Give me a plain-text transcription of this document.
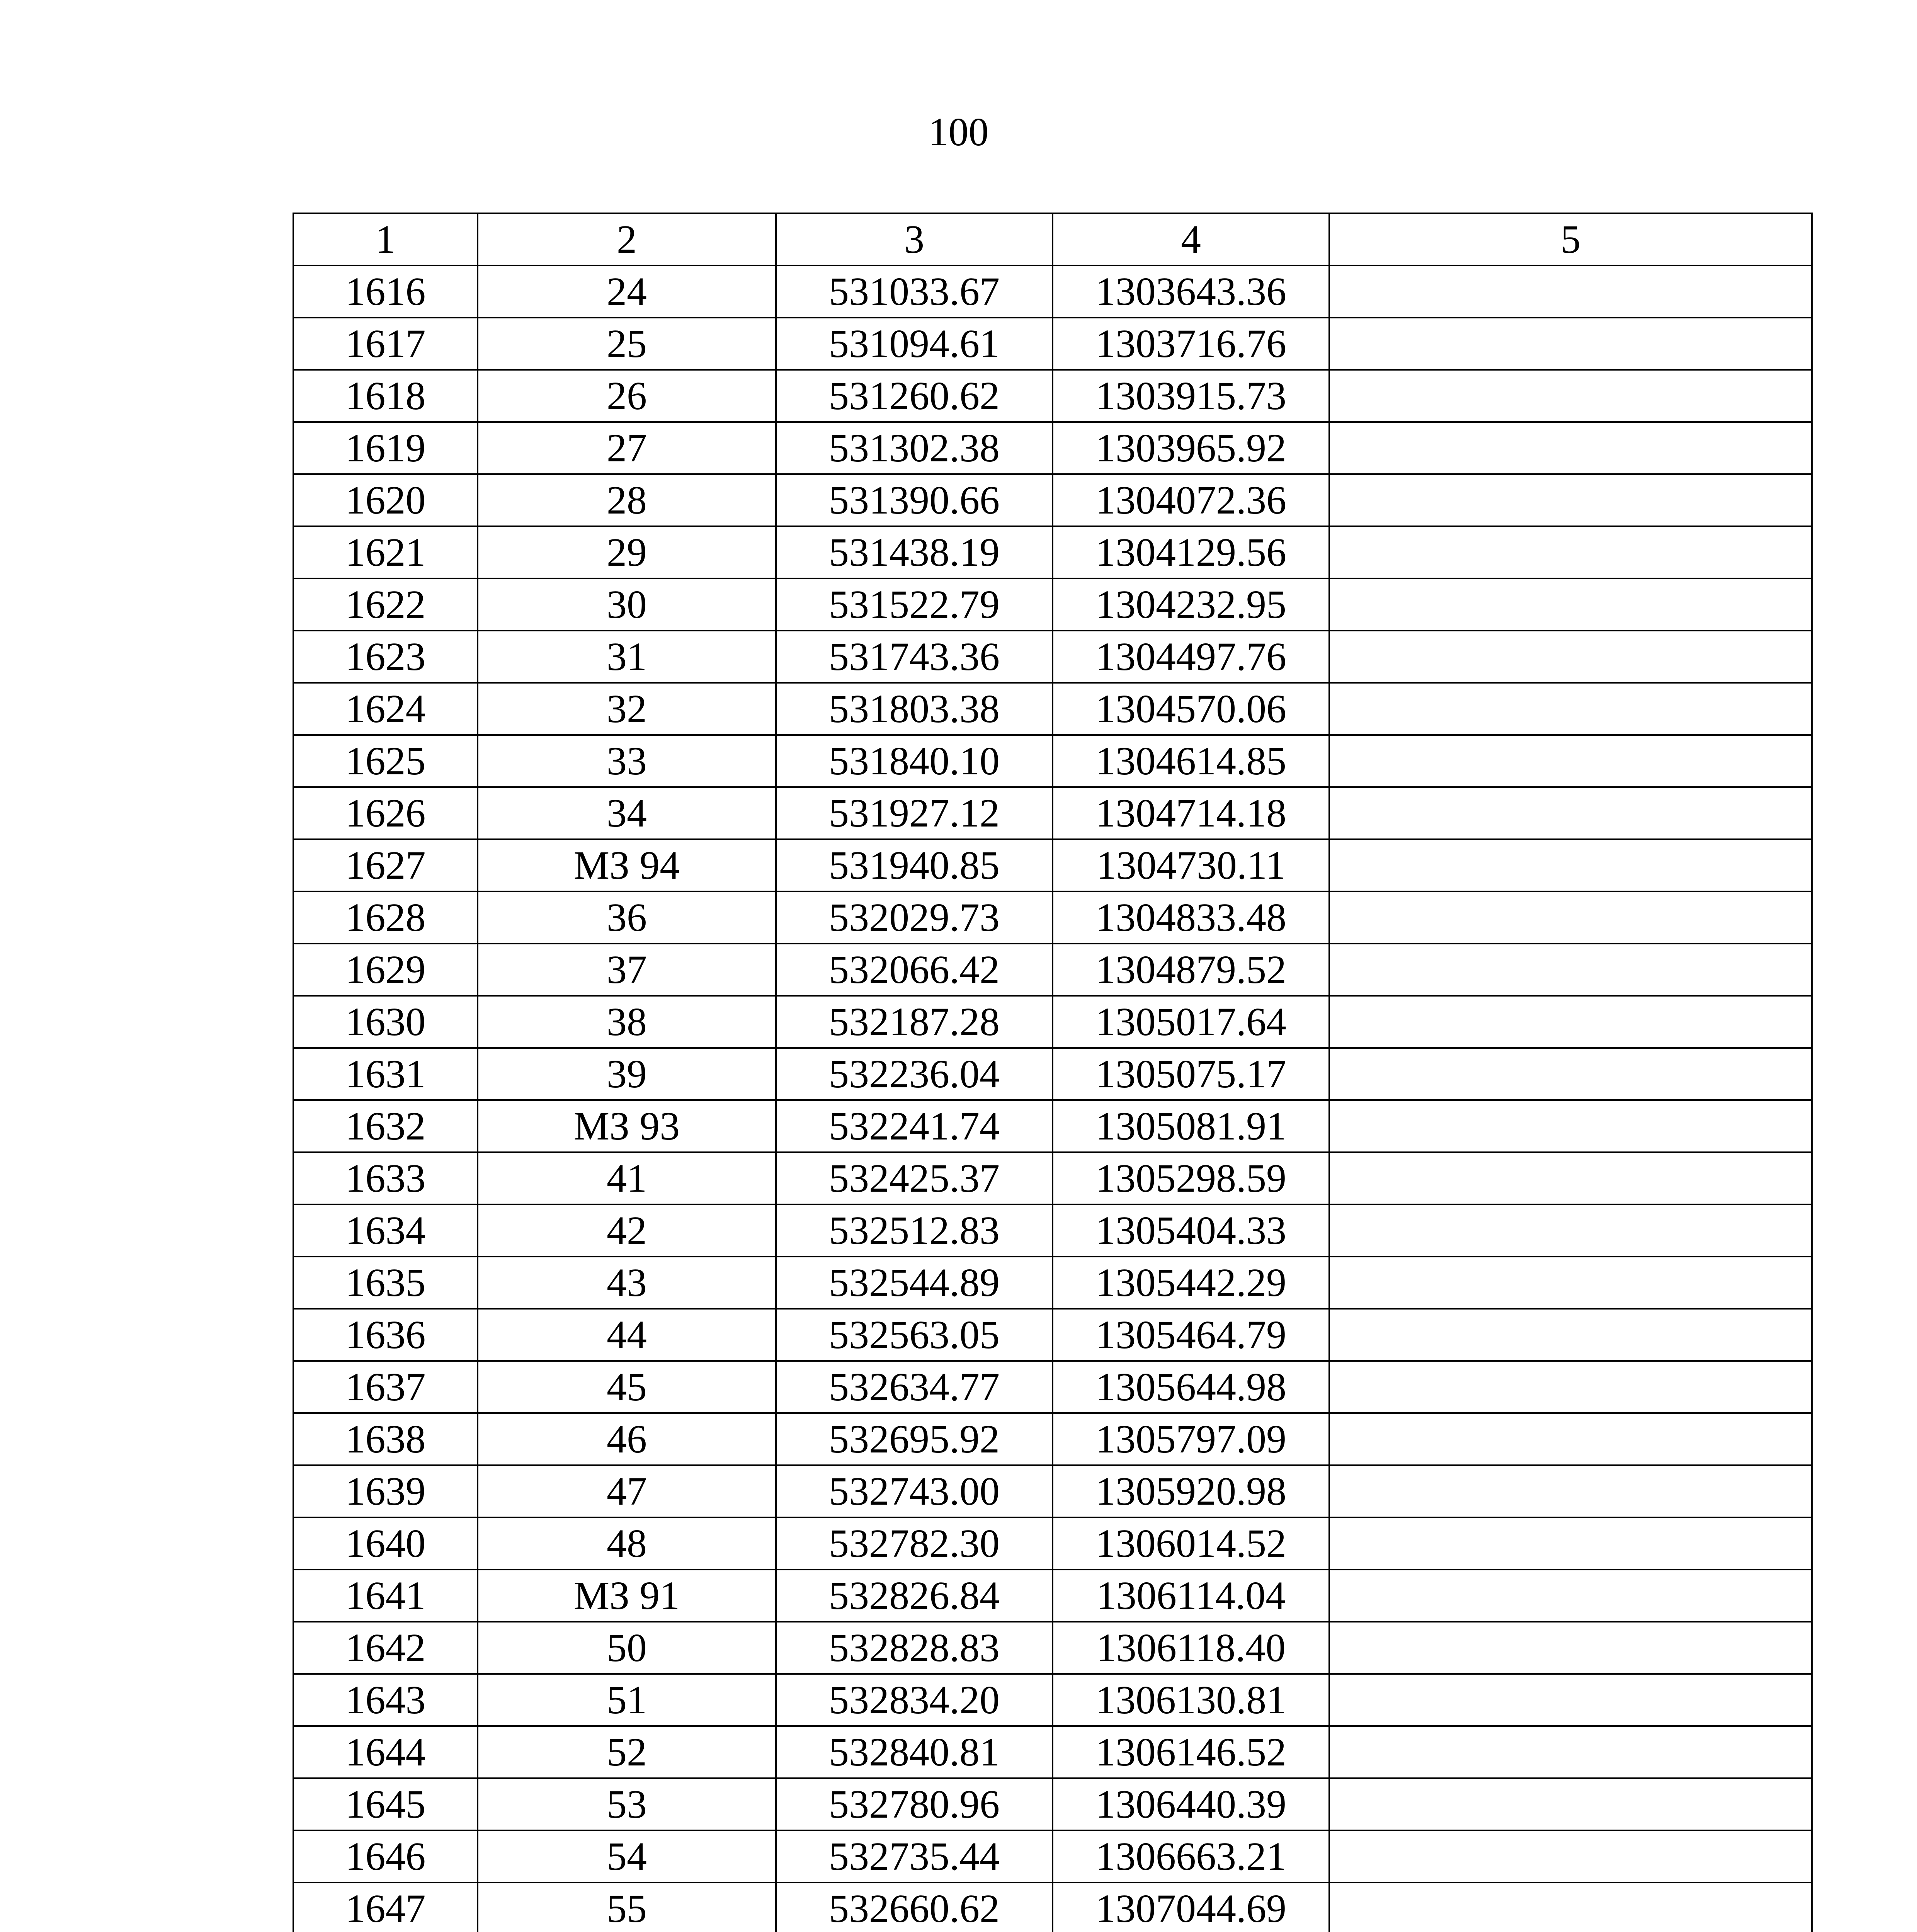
100
1	2	3	4	5
1616	24	531033.67	1303643.36	
1617	25	531094.61	1303716.76	
1618	26	531260.62	1303915.73	
1619	27	531302.38	1303965.92	
1620	28	531390.66	1304072.36	
1621	29	531438.19	1304129.56	
1622	30	531522.79	1304232.95	
1623	31	531743.36	1304497.76	
1624	32	531803.38	1304570.06	
1625	33	531840.10	1304614.85	
1626	34	531927.12	1304714.18	
1627	МЗ 94	531940.85	1304730.11	
1628	36	532029.73	1304833.48	
1629	37	532066.42	1304879.52	
1630	38	532187.28	1305017.64	
1631	39	532236.04	1305075.17	
1632	МЗ 93	532241.74	1305081.91	
1633	41	532425.37	1305298.59	
1634	42	532512.83	1305404.33	
1635	43	532544.89	1305442.29	
1636	44	532563.05	1305464.79	
1637	45	532634.77	1305644.98	
1638	46	532695.92	1305797.09	
1639	47	532743.00	1305920.98	
1640	48	532782.30	1306014.52	
1641	МЗ 91	532826.84	1306114.04	
1642	50	532828.83	1306118.40	
1643	51	532834.20	1306130.81	
1644	52	532840.81	1306146.52	
1645	53	532780.96	1306440.39	
1646	54	532735.44	1306663.21	
1647	55	532660.62	1307044.69	
